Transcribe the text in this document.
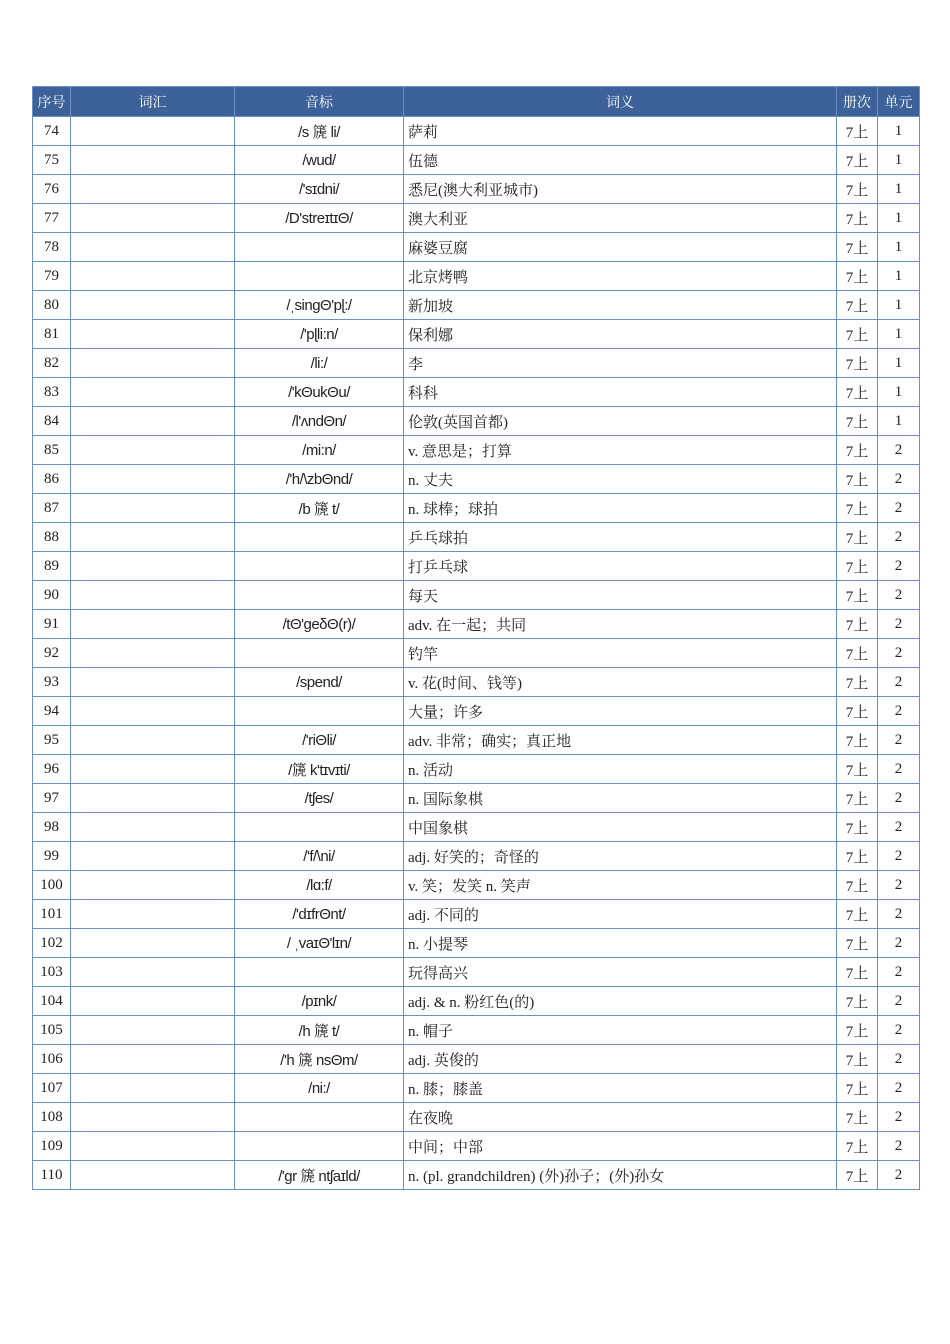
序号	词汇	音标	词义	册次	单元
74		/s 篪 li/	萨莉	7上	1
75		/wud/	伍德	7上	1
76		/'sɪdni/	悉尼(澳大利亚城市)	7上	1
77		/D'streɪtɪΘ/	澳大利亚	7上	1
78			麻婆豆腐	7上	1
79			北京烤鸭	7上	1
80		/ˌsingΘ'pɭ:/	新加坡	7上	1
81		/'pɭli:n/	保利娜	7上	1
82		/li:/	李	7上	1
83		/'kΘukΘu/	科科	7上	1
84		/l'ʌndΘn/	伦敦(英国首都)	7上	1
85		/mi:n/	v. 意思是；打算	7上	2
86		/'h/\zbΘnd/	n. 丈夫	7上	2
87		/b 篪 t/	n. 球棒；球拍	7上	2
88			乒乓球拍	7上	2
89			打乒乓球	7上	2
90			每天	7上	2
91		/tΘ'geδΘ(r)/	adv. 在一起；共同	7上	2
92			钓竿	7上	2
93		/spend/	v. 花(时间、钱等)	7上	2
94			大量；许多	7上	2
95		/'riΘli/	adv. 非常；确实；真正地	7上	2
96		/篪 k'tɪvɪti/	n. 活动	7上	2
97		/tʃes/	n. 国际象棋	7上	2
98			中国象棋	7上	2
99		/'f/\ni/	adj. 好笑的；奇怪的	7上	2
100		/lɑ:f/	v. 笑；发笑 n. 笑声	7上	2
101		/'dɪfrΘnt/	adj. 不同的	7上	2
102		/ ˌvaɪΘ'lɪn/	n. 小提琴	7上	2
103			玩得高兴	7上	2
104		/pɪnk/	adj. & n. 粉红色(的)	7上	2
105		/h 篪 t/	n. 帽子	7上	2
106		/'h 篪 nsΘm/	adj. 英俊的	7上	2
107		/ni:/	n. 膝；膝盖	7上	2
108			在夜晚	7上	2
109			中间；中部	7上	2
110		/'gr 篪 ntʃaɪld/	n. (pl. grandchildren) (外)孙子；(外)孙女	7上	2
